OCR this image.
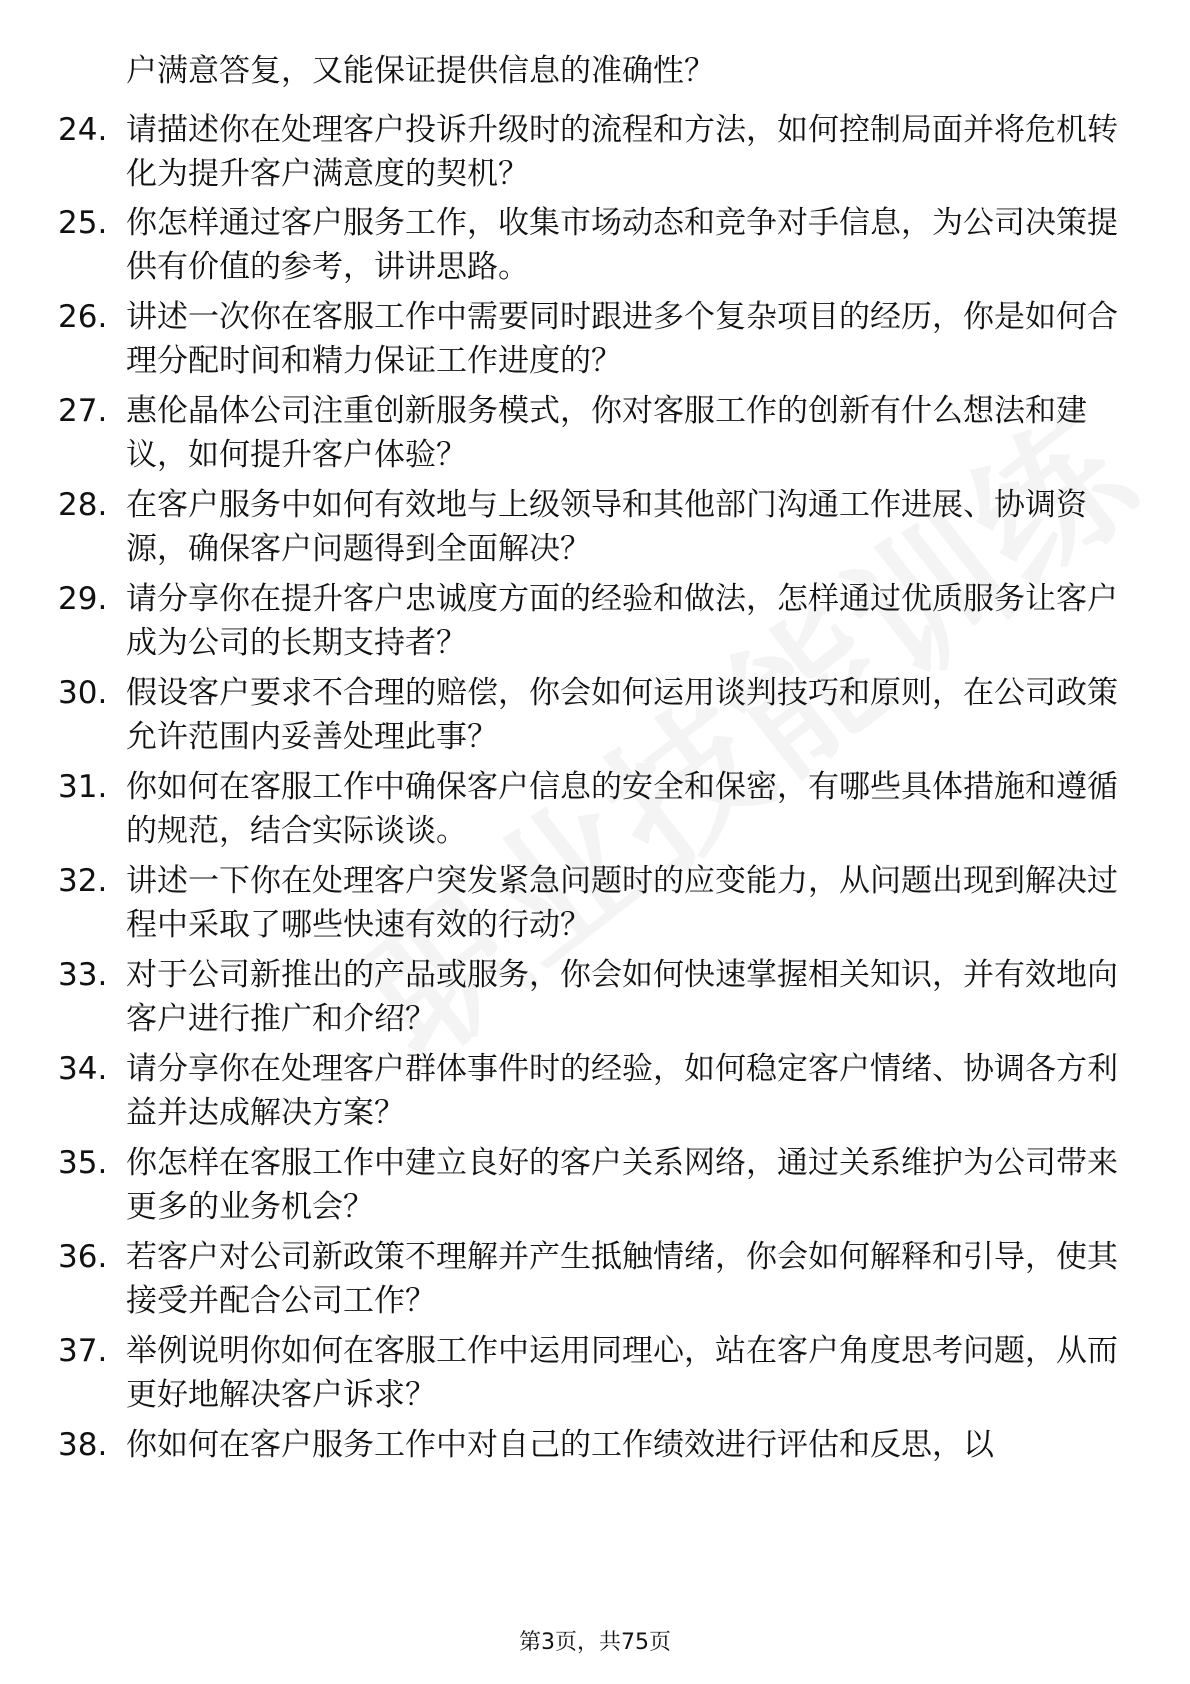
户满意答复，又能保证提供信息的准确性？
24. 请描述你在处理客户投诉升级时的流程和方法，如何控制局面并将危机转化为提升客户满意度的契机？
25. 你怎样通过客户服务工作，收集市场动态和竞争对手信息，为公司决策提供有价值的参考，讲讲思路。
26. 讲述一次你在客服工作中需要同时跟进多个复杂项目的经历，你是如何合理分配时间和精力保证工作进度的？
27. 惠伦晶体公司注重创新服务模式，你对客服工作的创新有什么想法和建议，如何提升客户体验？
28. 在客户服务中如何有效地与上级领导和其他部门沟通工作进展、协调资源，确保客户问题得到全面解决？
29. 请分享你在提升客户忠诚度方面的经验和做法，怎样通过优质服务让客户成为公司的长期支持者？
30. 假设客户要求不合理的赔偿，你会如何运用谈判技巧和原则，在公司政策允许范围内妥善处理此事？
31. 你如何在客服工作中确保客户信息的安全和保密，有哪些具体措施和遵循的规范，结合实际谈谈。
32. 讲述一下你在处理客户突发紧急问题时的应变能力，从问题出现到解决过程中采取了哪些快速有效的行动？
33. 对于公司新推出的产品或服务，你会如何快速掌握相关知识，并有效地向客户进行推广和介绍？
34. 请分享你在处理客户群体事件时的经验，如何稳定客户情绪、协调各方利益并达成解决方案？
35. 你怎样在客服工作中建立良好的客户关系网络，通过关系维护为公司带来更多的业务机会？
36. 若客户对公司新政策不理解并产生抵触情绪，你会如何解释和引导，使其接受并配合公司工作？
37. 举例说明你如何在客服工作中运用同理心，站在客户角度思考问题，从而更好地解决客户诉求？
38. 你如何在客户服务工作中对自己的工作绩效进行评估和反思，以
第3页，共75页
